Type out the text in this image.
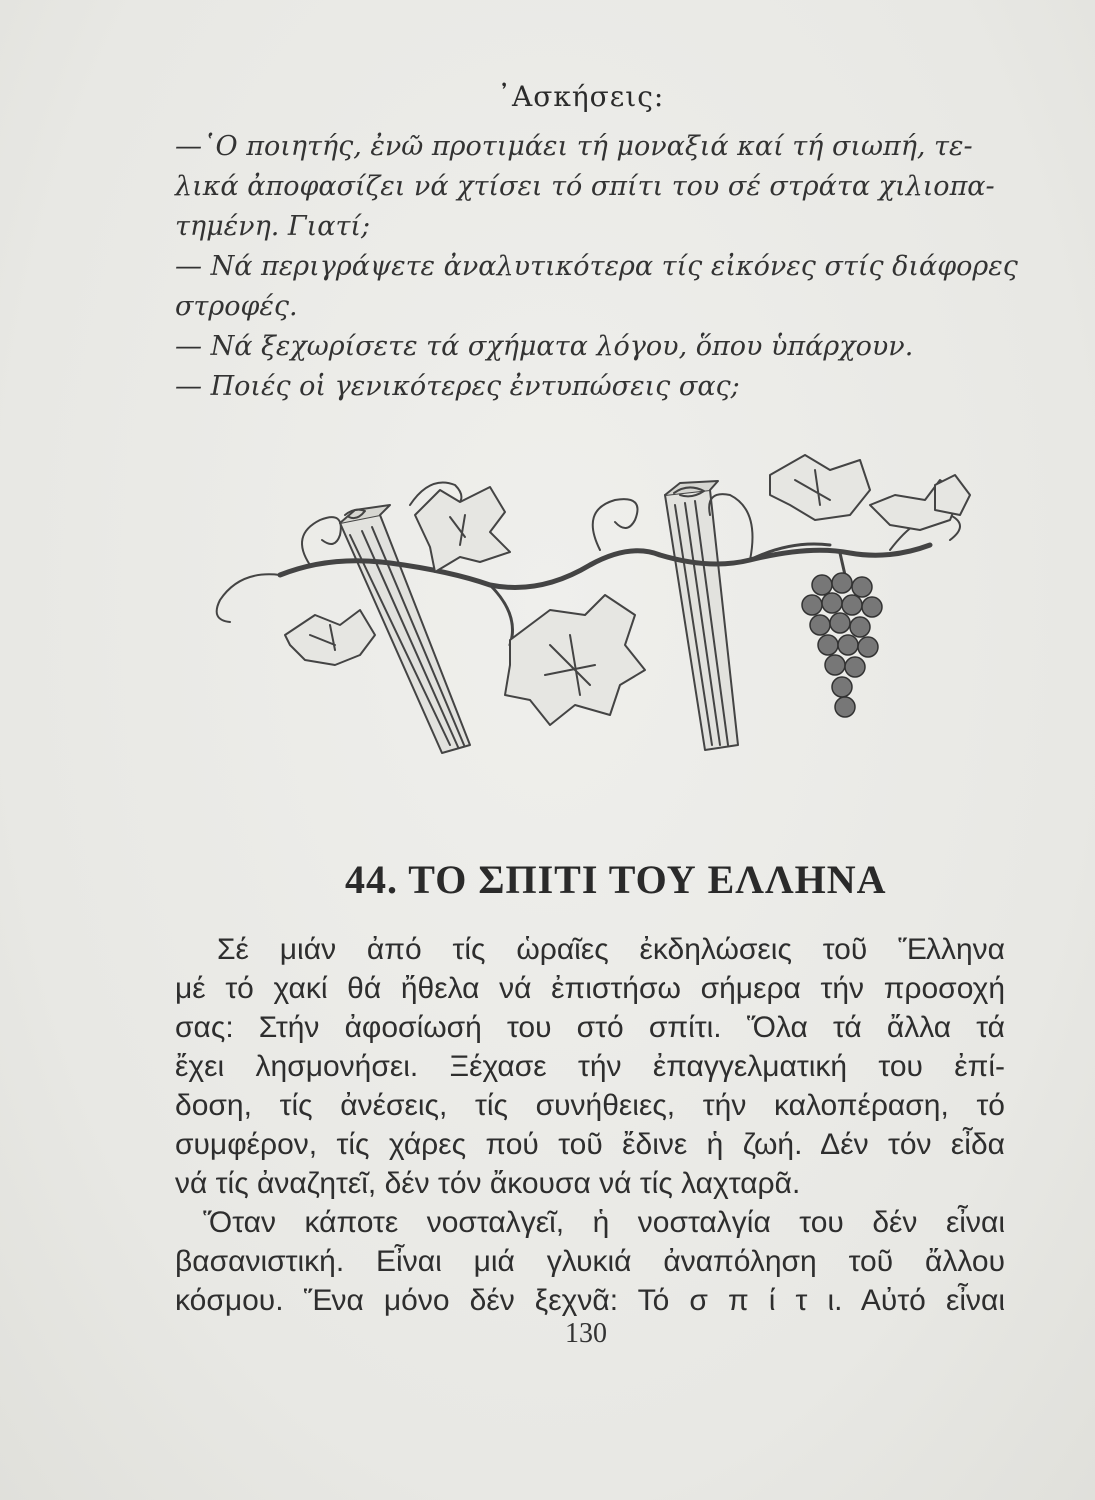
᾿Ασκήσεις:
—῾Ο ποιητής, ἐνῶ προτιμάει τή μοναξιά καί τή σιωπή, τε-
λικά ἀποφασίζει νά χτίσει τό σπίτι του σέ στράτα χιλιοπα-
τημένη. Γιατί;
— Νά περιγράψετε ἀναλυτικότερα τίς εἰκόνες στίς διάφορες
στροφές.
— Νά ξεχωρίσετε τά σχήματα λόγου, ὅπου ὑπάρχουν.
— Ποιές οἱ γενικότερες ἐντυπώσεις σας;
44. ΤΟ ΣΠΙΤΙ ΤΟΥ ΕΛΛΗΝΑ
Σέ μιάν ἀπό τίς ὡραῖες ἐκδηλώσεις τοῦ Ἕλληνα
μέ τό χακί θά ἤθελα νά ἐπιστήσω σήμερα τήν προσοχή
σας: Στήν ἀφοσίωσή του στό σπίτι. Ὅλα τά ἄλλα τά
ἔχει λησμονήσει. Ξέχασε τήν ἐπαγγελματική του ἐπί-
δοση, τίς ἀνέσεις, τίς συνήθειες, τήν καλοπέραση, τό
συμφέρον, τίς χάρες πού τοῦ ἔδινε ἡ ζωή. Δέν τόν εἶδα
νά τίς ἀναζητεῖ, δέν τόν ἄκουσα νά τίς λαχταρᾶ.
Ὅταν κάποτε νοσταλγεῖ, ἡ νοσταλγία του δέν εἶναι
βασανιστική. Εἶναι μιά γλυκιά ἀναπόληση τοῦ ἄλλου
κόσμου. Ἕνα μόνο δέν ξεχνᾶ: Τό σ π ί τ ι. Αὐτό εἶναι
130
